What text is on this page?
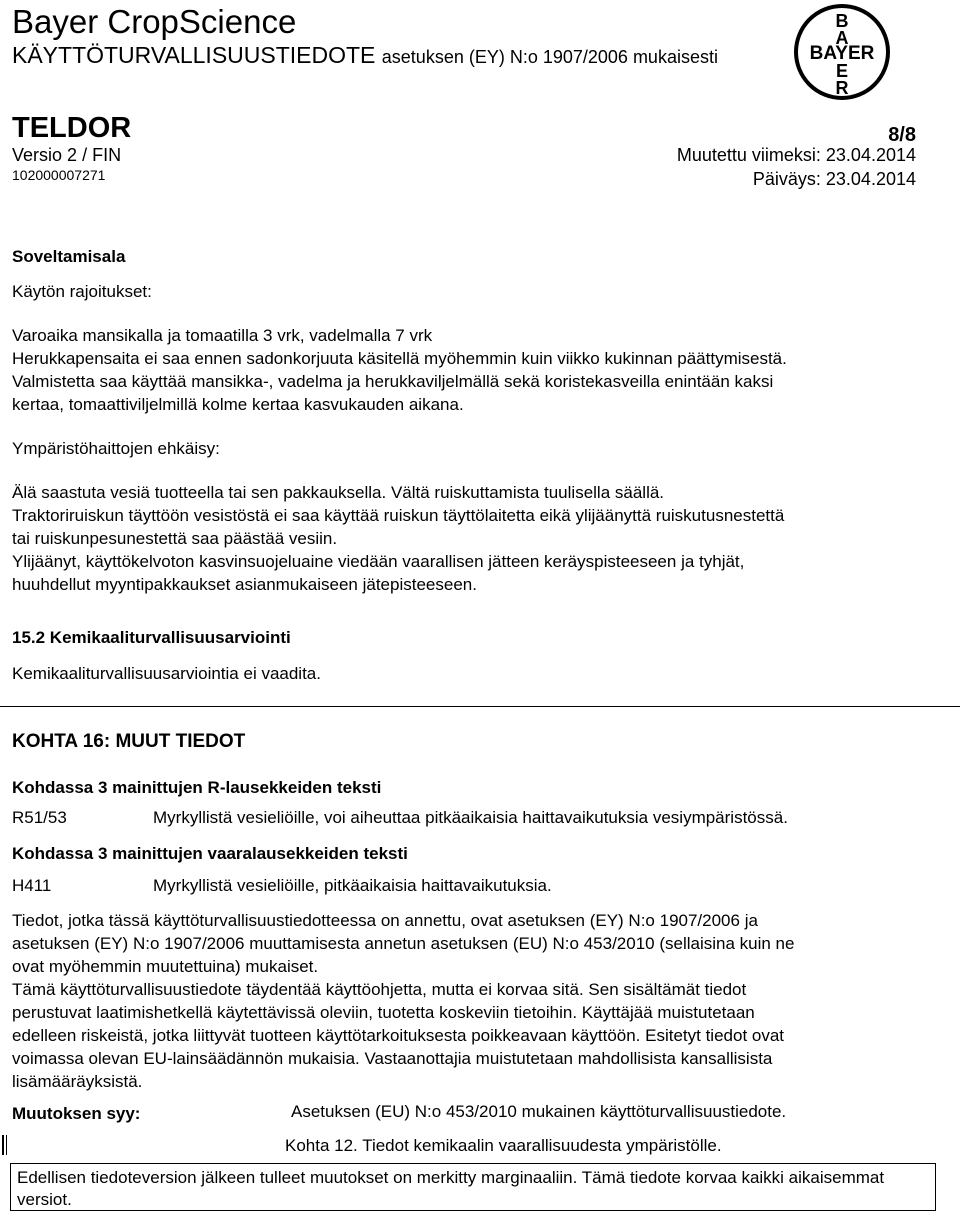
Bayer CropScience
KÄYTTÖTURVALLISUUSTIEDOTE asetuksen (EY) N:o 1907/2006 mukaisesti
B
A
BAYER
E
R
TELDOR	8/8
Versio 2 / FIN
102000007271
Muutettu viimeksi: 23.04.2014
Päiväys: 23.04.2014
Soveltamisala
Käytön rajoitukset:
Varoaika mansikalla ja tomaatilla 3 vrk, vadelmalla 7 vrk
Herukkapensaita ei saa ennen sadonkorjuuta käsitellä myöhemmin kuin viikko kukinnan päättymisestä.
Valmistetta saa käyttää mansikka-, vadelma ja herukkaviljelmällä sekä koristekasveilla enintään kaksi
kertaa, tomaattiviljelmillä kolme kertaa kasvukauden aikana.
Ympäristöhaittojen ehkäisy:
Älä saastuta vesiä tuotteella tai sen pakkauksella. Vältä ruiskuttamista tuulisella säällä.
Traktoriruiskun täyttöön vesistöstä ei saa käyttää ruiskun täyttölaitetta eikä ylijäänyttä ruiskutusnestettä
tai ruiskunpesunestettä saa päästää vesiin.
Ylijäänyt, käyttökelvoton kasvinsuojeluaine viedään vaarallisen jätteen keräyspisteeseen ja tyhjät,
huuhdellut myyntipakkaukset asianmukaiseen jätepisteeseen.
15.2 Kemikaaliturvallisuusarviointi
Kemikaaliturvallisuusarviointia ei vaadita.
KOHTA 16: MUUT TIEDOT
Kohdassa 3 mainittujen R-lausekkeiden teksti
R51/53	Myrkyllistä vesieliöille, voi aiheuttaa pitkäaikaisia haittavaikutuksia vesiympäristössä.
Kohdassa 3 mainittujen vaaralausekkeiden teksti
H411	Myrkyllistä vesieliöille, pitkäaikaisia haittavaikutuksia.
Tiedot, jotka tässä käyttöturvallisuustiedotteessa on annettu, ovat asetuksen (EY) N:o 1907/2006 ja
asetuksen (EY) N:o 1907/2006 muuttamisesta annetun asetuksen (EU) N:o 453/2010 (sellaisina kuin ne
ovat myöhemmin muutettuina) mukaiset.
Tämä käyttöturvallisuustiedote täydentää käyttöohjetta, mutta ei korvaa sitä. Sen sisältämät tiedot
perustuvat laatimishetkellä käytettävissä oleviin, tuotetta koskeviin tietoihin. Käyttäjää muistutetaan
edelleen riskeistä, jotka liittyvät tuotteen käyttötarkoituksesta poikkeavaan käyttöön. Esitetyt tiedot ovat
voimassa olevan EU-lainsäädännön mukaisia. Vastaanottajia muistutetaan mahdollisista kansallisista
lisämääräyksistä.
Muutoksen syy:	Asetuksen (EU) N:o 453/2010 mukainen käyttöturvallisuustiedote.
Kohta 12. Tiedot kemikaalin vaarallisuudesta ympäristölle.
Edellisen tiedoteversion jälkeen tulleet muutokset on merkitty marginaaliin. Tämä tiedote korvaa kaikki aikaisemmat versiot.
